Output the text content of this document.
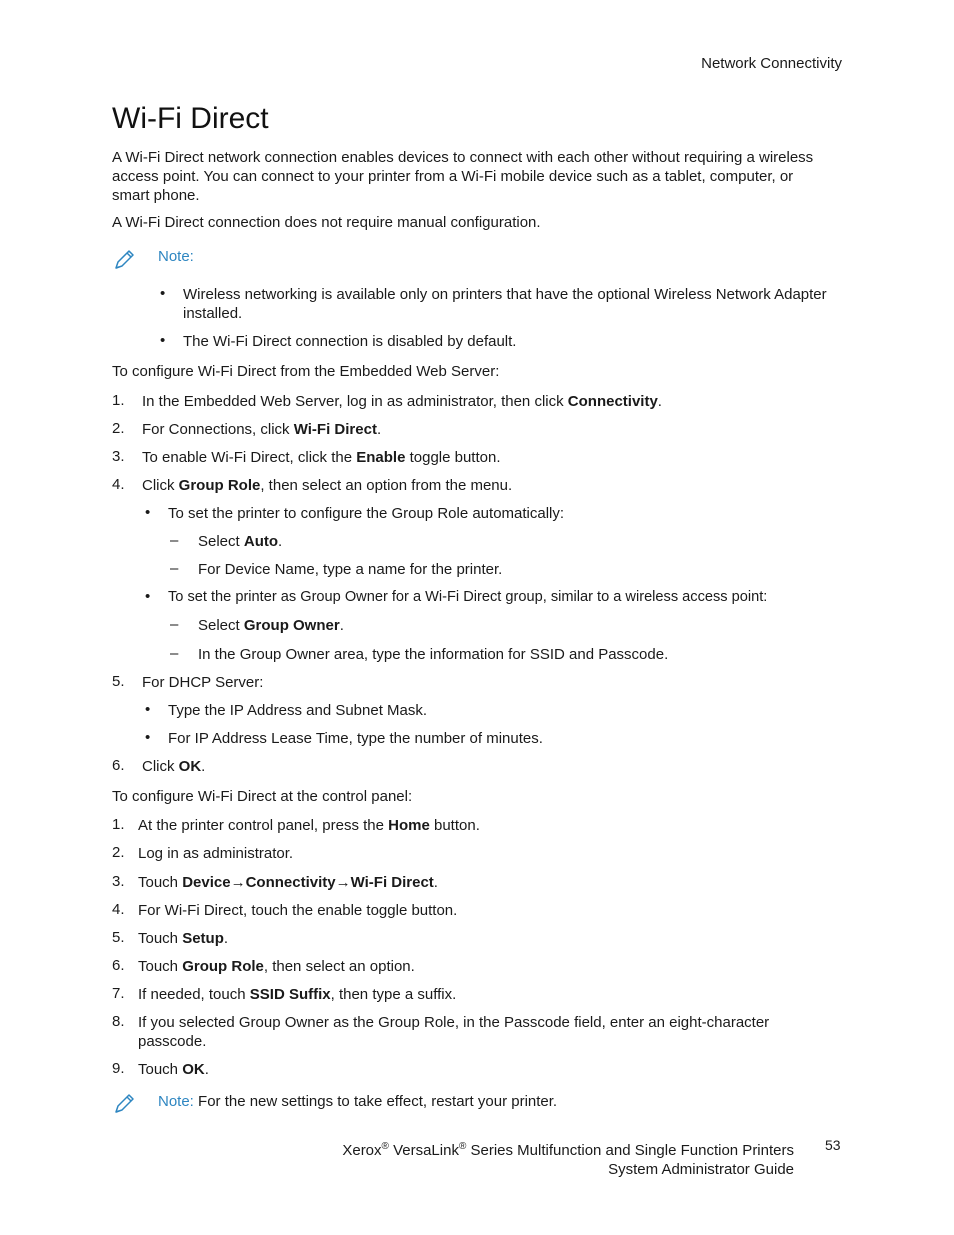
Network Connectivity
Wi-Fi Direct

A Wi-Fi Direct network connection enables devices to connect with each other without requiring a wireless access point. You can connect to your printer from a Wi-Fi mobile device such as a tablet, computer, or smart phone.

A Wi-Fi Direct connection does not require manual configuration.

Note:
• Wireless networking is available only on printers that have the optional Wireless Network Adapter installed.
• The Wi-Fi Direct connection is disabled by default.
To configure Wi-Fi Direct from the Embedded Web Server:
1. In the Embedded Web Server, log in as administrator, then click Connectivity.
2. For Connections, click Wi-Fi Direct.
3. To enable Wi-Fi Direct, click the Enable toggle button.
4. Click Group Role, then select an option from the menu.
• To set the printer to configure the Group Role automatically:
– Select Auto.
– For Device Name, type a name for the printer.
• To set the printer as Group Owner for a Wi-Fi Direct group, similar to a wireless access point:
– Select Group Owner.
– In the Group Owner area, type the information for SSID and Passcode.
5. For DHCP Server:
• Type the IP Address and Subnet Mask.
• For IP Address Lease Time, type the number of minutes.
6. Click OK.
To configure Wi-Fi Direct at the control panel:
1. At the printer control panel, press the Home button.
2. Log in as administrator.
3. Touch Device→Connectivity→Wi-Fi Direct.
4. For Wi-Fi Direct, touch the enable toggle button.
5. Touch Setup.
6. Touch Group Role, then select an option.
7. If needed, touch SSID Suffix, then type a suffix.
8. If you selected Group Owner as the Group Role, in the Passcode field, enter an eight-character passcode.
9. Touch OK.
Note: For the new settings to take effect, restart your printer.
Xerox® VersaLink® Series Multifunction and Single Function Printers
System Administrator Guide
53
